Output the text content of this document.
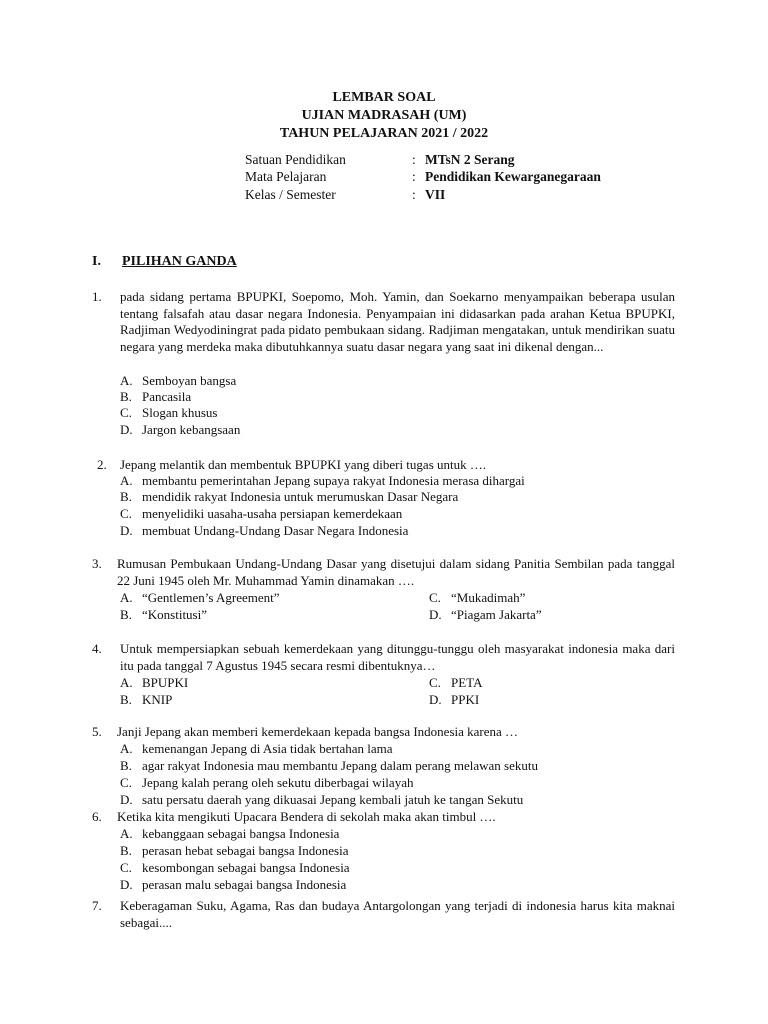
LEMBAR SOAL
UJIAN MADRASAH (UM)
TAHUN PELAJARAN 2021 / 2022
Satuan Pendidikan	: MTsN 2 Serang
Mata Pelajaran	: Pendidikan Kewarganegaraan
Kelas / Semester	: VII
I. PILIHAN GANDA
1. pada sidang pertama BPUPKI, Soepomo, Moh. Yamin, dan Soekarno menyampaikan beberapa usulan tentang falsafah atau dasar negara Indonesia. Penyampaian ini didasarkan pada arahan Ketua BPUPKI, Radjiman Wedyodiningrat pada pidato pembukaan sidang. Radjiman mengatakan, untuk mendirikan suatu negara yang merdeka maka dibutuhkannya suatu dasar negara yang saat ini dikenal dengan...
A. Semboyan bangsa
B. Pancasila
C. Slogan khusus
D. Jargon kebangsaan
2. Jepang melantik dan membentuk BPUPKI yang diberi tugas untuk ….
A. membantu pemerintahan Jepang supaya rakyat Indonesia merasa dihargai
B. mendidik rakyat Indonesia untuk merumuskan Dasar Negara
C. menyelidiki uasaha-usaha persiapan kemerdekaan
D. membuat Undang-Undang Dasar Negara Indonesia
3. Rumusan Pembukaan Undang-Undang Dasar yang disetujui dalam sidang Panitia Sembilan pada tanggal 22 Juni 1945 oleh Mr. Muhammad Yamin dinamakan ….
A. “Gentlemen’s Agreement”	C. “Mukadimah”
B. “Konstitusi”	D. “Piagam Jakarta”
4. Untuk mempersiapkan sebuah kemerdekaan yang ditunggu-tunggu oleh masyarakat indonesia maka dari itu pada tanggal 7 Agustus 1945 secara resmi dibentuknya…
A. BPUPKI	C. PETA
B. KNIP	D. PPKI
5. Janji Jepang akan memberi kemerdekaan kepada bangsa Indonesia karena …
A. kemenangan Jepang di Asia tidak bertahan lama
B. agar rakyat Indonesia mau membantu Jepang dalam perang melawan sekutu
C. Jepang kalah perang oleh sekutu diberbagai wilayah
D. satu persatu daerah yang dikuasai Jepang kembali jatuh ke tangan Sekutu
6. Ketika kita mengikuti Upacara Bendera di sekolah maka akan timbul ….
A. kebanggaan sebagai bangsa Indonesia
B. perasan hebat sebagai bangsa Indonesia
C. kesombongan sebagai bangsa Indonesia
D. perasan malu sebagai bangsa Indonesia
7. Keberagaman Suku, Agama, Ras dan budaya Antargolongan yang terjadi di indonesia harus kita maknai sebagai....
